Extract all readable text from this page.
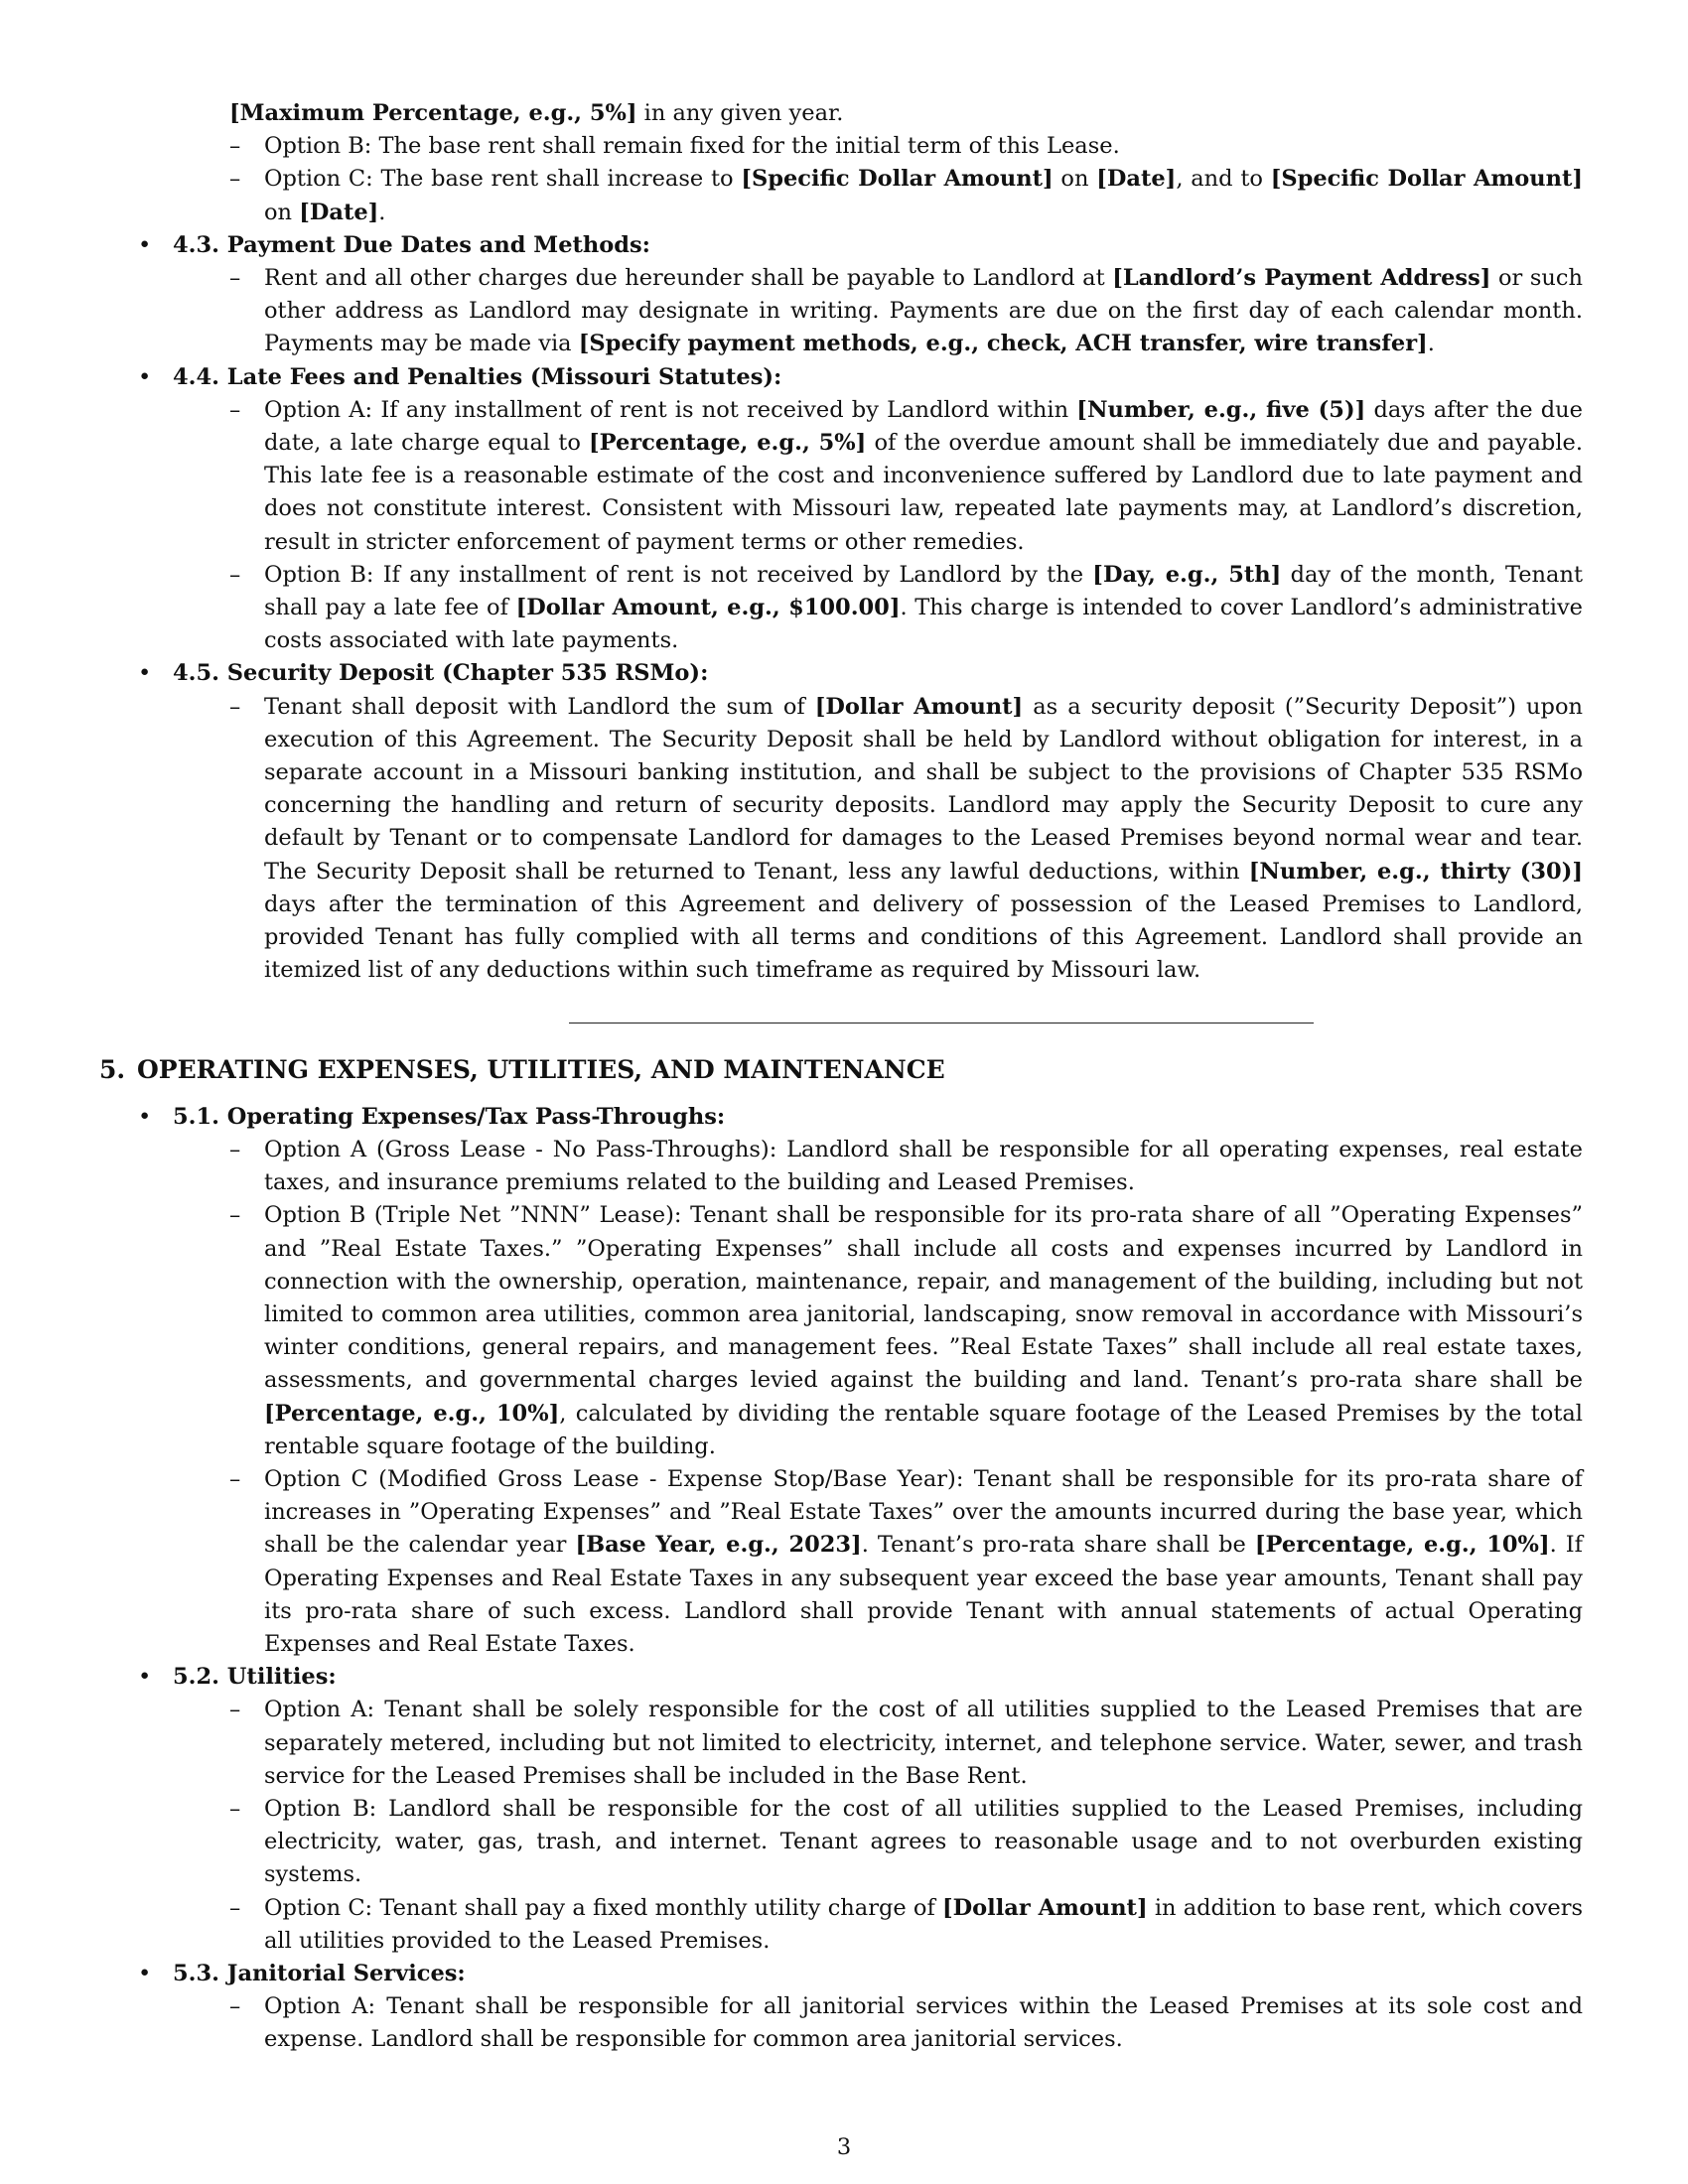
[Maximum Percentage, e.g., 5%] in any given year.
–	Option B: The base rent shall remain fixed for the initial term of this Lease.
–	Option C: The base rent shall increase to [Specific Dollar Amount] on [Date], and to [Specific Dollar Amount] on [Date].
• 4.3. Payment Due Dates and Methods:
–	Rent and all other charges due hereunder shall be payable to Landlord at [Landlord’s Payment Address] or such other address as Landlord may designate in writing. Payments are due on the first day of each calendar month. Payments may be made via [Specify payment methods, e.g., check, ACH transfer, wire transfer].
• 4.4. Late Fees and Penalties (Missouri Statutes):
–	Option A: If any installment of rent is not received by Landlord within [Number, e.g., five (5)] days after the due date, a late charge equal to [Percentage, e.g., 5%] of the overdue amount shall be immediately due and payable. This late fee is a reasonable estimate of the cost and inconvenience suffered by Landlord due to late payment and does not constitute interest. Consistent with Missouri law, repeated late payments may, at Landlord’s discretion, result in stricter enforcement of payment terms or other remedies.
–	Option B: If any installment of rent is not received by Landlord by the [Day, e.g., 5th] day of the month, Tenant shall pay a late fee of [Dollar Amount, e.g., $100.00]. This charge is intended to cover Landlord’s administrative costs associated with late payments.
• 4.5. Security Deposit (Chapter 535 RSMo):
–	Tenant shall deposit with Landlord the sum of [Dollar Amount] as a security deposit (”Security Deposit”) upon execution of this Agreement. The Security Deposit shall be held by Landlord without obligation for interest, in a separate account in a Missouri banking institution, and shall be subject to the provisions of Chapter 535 RSMo concerning the handling and return of security deposits. Landlord may apply the Security Deposit to cure any default by Tenant or to compensate Landlord for damages to the Leased Premises beyond normal wear and tear. The Security Deposit shall be returned to Tenant, less any lawful deductions, within [Number, e.g., thirty (30)] days after the termination of this Agreement and delivery of possession of the Leased Premises to Landlord, provided Tenant has fully complied with all terms and conditions of this Agreement. Landlord shall provide an itemized list of any deductions within such timeframe as required by Missouri law.
5. OPERATING EXPENSES, UTILITIES, AND MAINTENANCE
• 5.1. Operating Expenses/Tax Pass-Throughs:
–	Option A (Gross Lease - No Pass-Throughs): Landlord shall be responsible for all operating expenses, real estate taxes, and insurance premiums related to the building and Leased Premises.
–	Option B (Triple Net ”NNN” Lease): Tenant shall be responsible for its pro-rata share of all ”Operating Expenses” and ”Real Estate Taxes.” ”Operating Expenses” shall include all costs and expenses incurred by Landlord in connection with the ownership, operation, maintenance, repair, and management of the building, including but not limited to common area utilities, common area janitorial, landscaping, snow removal in accordance with Missouri’s winter conditions, general repairs, and management fees. ”Real Estate Taxes” shall include all real estate taxes, assessments, and governmental charges levied against the building and land. Tenant’s pro-rata share shall be [Percentage, e.g., 10%], calculated by dividing the rentable square footage of the Leased Premises by the total rentable square footage of the building.
–	Option C (Modified Gross Lease - Expense Stop/Base Year): Tenant shall be responsible for its pro-rata share of increases in ”Operating Expenses” and ”Real Estate Taxes” over the amounts incurred during the base year, which shall be the calendar year [Base Year, e.g., 2023]. Tenant’s pro-rata share shall be [Percentage, e.g., 10%]. If Operating Expenses and Real Estate Taxes in any subsequent year exceed the base year amounts, Tenant shall pay its pro-rata share of such excess. Landlord shall provide Tenant with annual statements of actual Operating Expenses and Real Estate Taxes.
• 5.2. Utilities:
–	Option A: Tenant shall be solely responsible for the cost of all utilities supplied to the Leased Premises that are separately metered, including but not limited to electricity, internet, and telephone service. Water, sewer, and trash service for the Leased Premises shall be included in the Base Rent.
–	Option B: Landlord shall be responsible for the cost of all utilities supplied to the Leased Premises, including electricity, water, gas, trash, and internet. Tenant agrees to reasonable usage and to not overburden existing systems.
–	Option C: Tenant shall pay a fixed monthly utility charge of [Dollar Amount] in addition to base rent, which covers all utilities provided to the Leased Premises.
• 5.3. Janitorial Services:
–	Option A: Tenant shall be responsible for all janitorial services within the Leased Premises at its sole cost and expense. Landlord shall be responsible for common area janitorial services.
3
